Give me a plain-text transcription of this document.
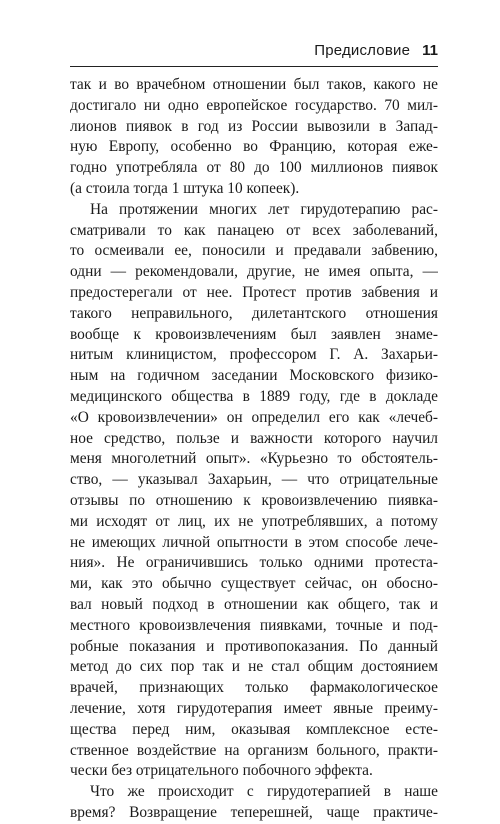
Предисловие 11
так и во врачебном отношении был таков, какого не
достигало ни одно европейское государство. 70 мил-
лионов пиявок в год из России вывозили в Запад-
ную Европу, особенно во Францию, которая еже-
годно употребляла от 80 до 100 миллионов пиявок
(а стоила тогда 1 штука 10 копеек).
На протяжении многих лет гирудотерапию рас-
сматривали то как панацею от всех заболеваний,
то осмеивали ее, поносили и предавали забвению,
одни — рекомендовали, другие, не имея опыта, —
предостерегали от нее. Протест против забвения и
такого неправильного, дилетантского отношения
вообще к кровоизвлечениям был заявлен знаме-
нитым клиницистом, профессором Г. А. Захарьи-
ным на годичном заседании Московского физико-
медицинского общества в 1889 году, где в докладе
«О кровоизвлечении» он определил его как «лечеб-
ное средство, пользе и важности которого научил
меня многолетний опыт». «Курьезно то обстоятель-
ство, — указывал Захарьин, — что отрицательные
отзывы по отношению к кровоизвлечению пиявка-
ми исходят от лиц, их не употреблявших, а потому
не имеющих личной опытности в этом способе лече-
ния». Не ограничившись только одними протеста-
ми, как это обычно существует сейчас, он обосно-
вал новый подход в отношении как общего, так и
местного кровоизвлечения пиявками, точные и под-
робные показания и противопоказания. По данный
метод до сих пор так и не стал общим достоянием
врачей, признающих только фармакологическое
лечение, хотя гирудотерапия имеет явные преиму-
щества перед ним, оказывая комплексное есте-
ственное воздействие на организм больного, практи-
чески без отрицательного побочного эффекта.
Что же происходит с гирудотерапией в наше
время? Возвращение теперешней, чаще практиче-
